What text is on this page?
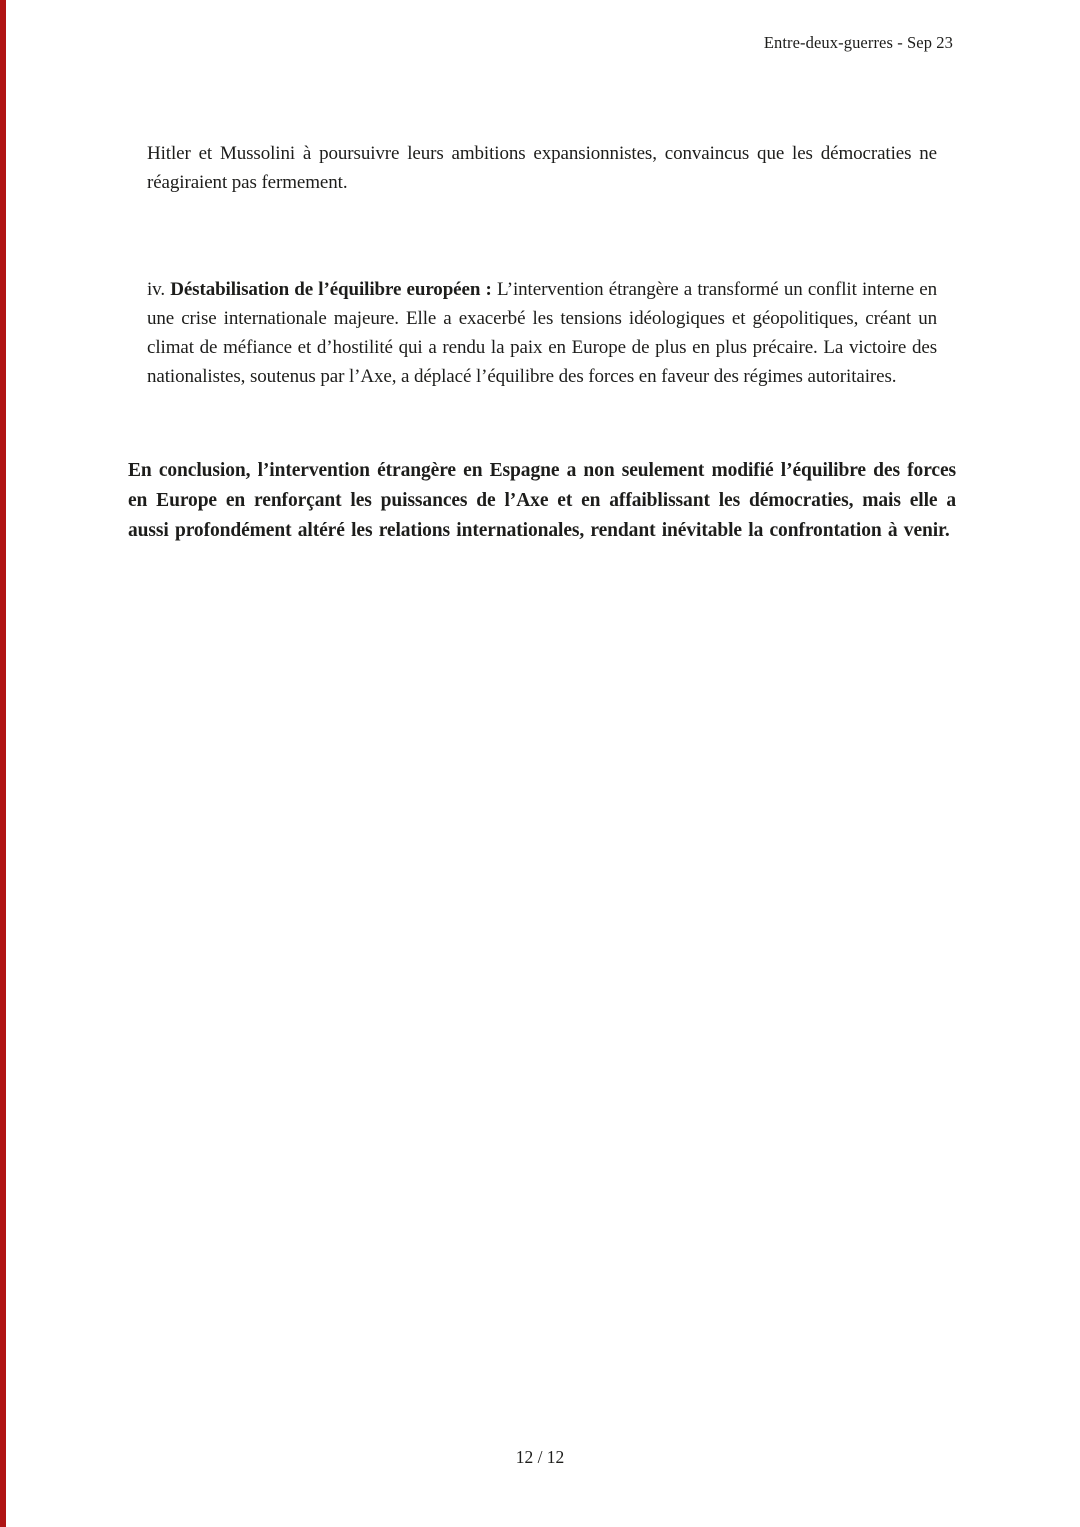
Entre-deux-guerres - Sep 23

Hitler et Mussolini à poursuivre leurs ambitions expansionnistes, convaincus que les démocraties ne réagiraient pas fermement.

iv. Déstabilisation de l’équilibre européen : L’intervention étrangère a transformé un conflit interne en une crise internationale majeure. Elle a exacerbé les tensions idéologiques et géopolitiques, créant un climat de méfiance et d’hostilité qui a rendu la paix en Europe de plus en plus précaire. La victoire des nationalistes, soutenus par l’Axe, a déplacé l’équilibre des forces en faveur des régimes autoritaires.

En conclusion, l’intervention étrangère en Espagne a non seulement modifié l’équilibre des forces en Europe en renforçant les puissances de l’Axe et en affaiblissant les démocraties, mais elle a aussi profondément altéré les relations internationales, rendant inévitable la confrontation à venir.

12 / 12
